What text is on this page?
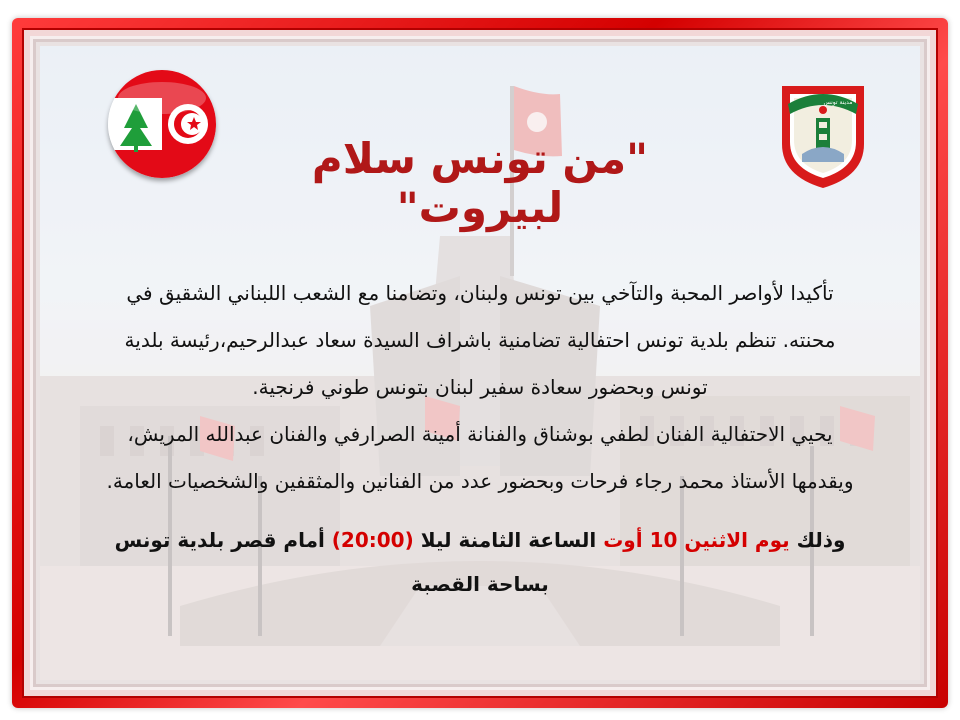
مدينة تونس
"من تونس سلام لبيروت"

تأكيدا لأواصر المحبة والتآخي بين تونس ولبنان، وتضامنا مع الشعب اللبناني الشقيق في

محنته. تنظم بلدية تونس احتفالية تضامنية باشراف السيدة سعاد عبدالرحيم،رئيسة بلدية

تونس وبحضور سعادة سفير لبنان بتونس طوني فرنجية.

يحيي الاحتفالية الفنان لطفي بوشناق والفنانة أمينة الصرارفي والفنان عبدالله المريش،

ويقدمها الأستاذ محمد رجاء فرحات وبحضور عدد من الفنانين والمثقفين والشخصيات العامة.

وذلك يوم الاثنين 10 أوت الساعة الثامنة ليلا (20:00) أمام قصر بلدية تونس

بساحة القصبة
